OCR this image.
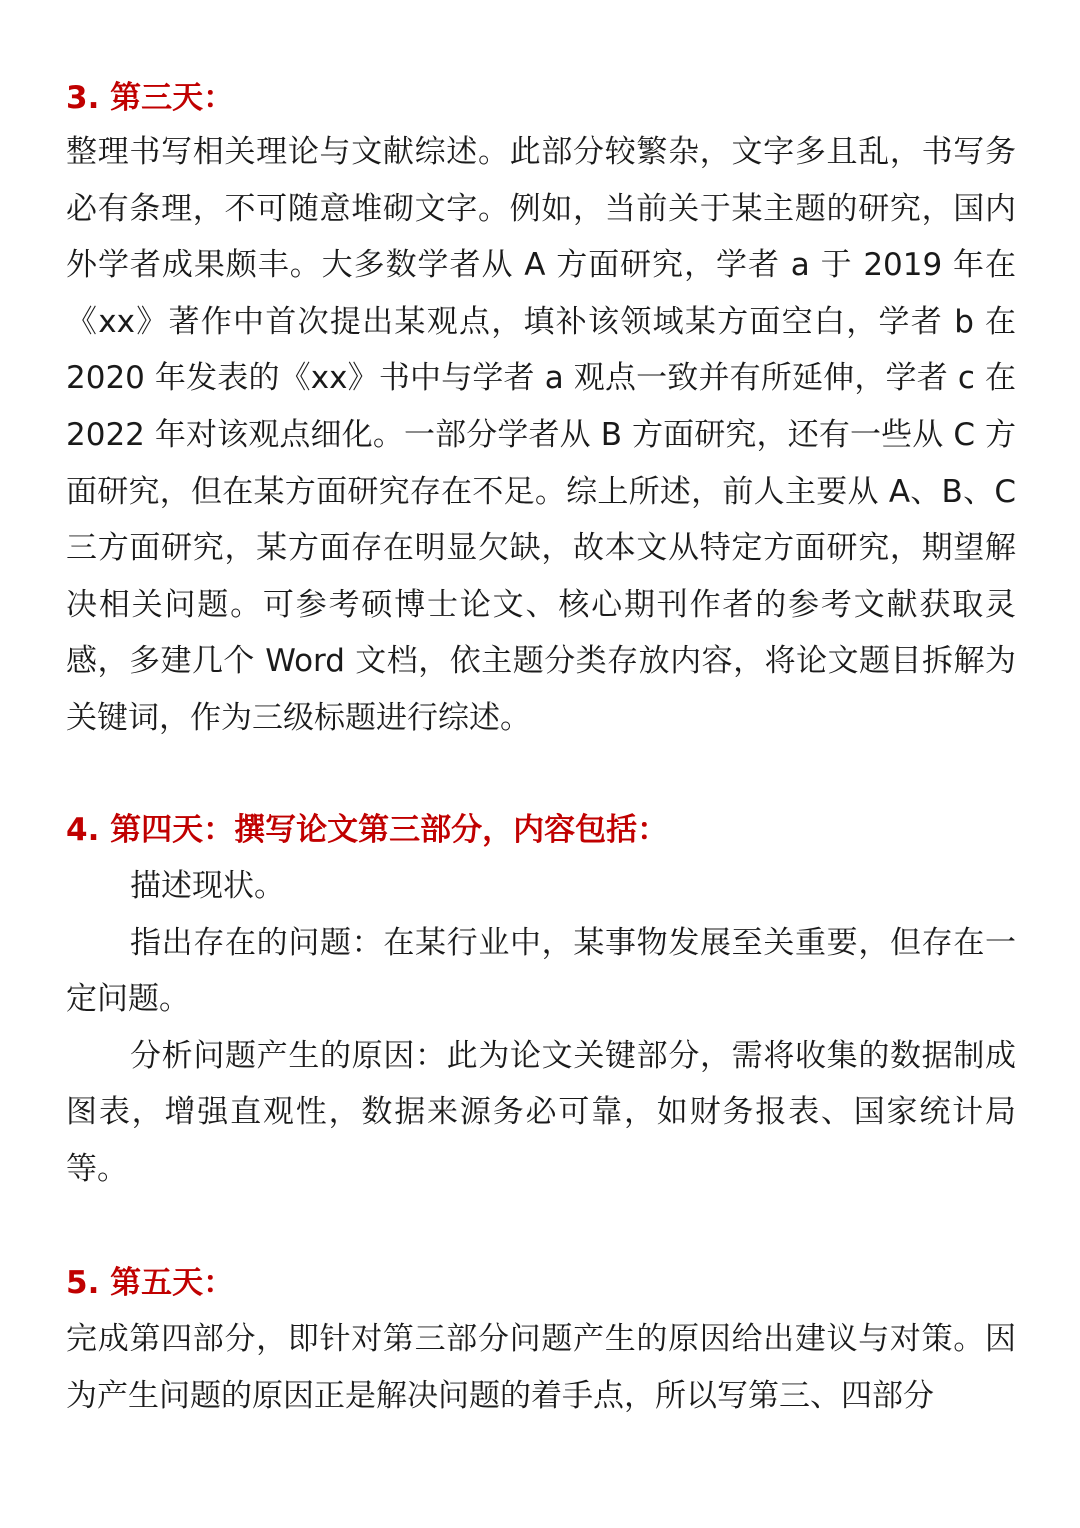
3. 第三天：

整理书写相关理论与文献综述。此部分较繁杂，文字多且乱，书写务必有条理，不可随意堆砌文字。例如，当前关于某主题的研究，国内外学者成果颇丰。大多数学者从 A 方面研究，学者 a 于 2019 年在《xx》著作中首次提出某观点，填补该领域某方面空白，学者 b 在 2020 年发表的《xx》书中与学者 a 观点一致并有所延伸，学者 c 在 2022 年对该观点细化。一部分学者从 B 方面研究，还有一些从 C 方面研究，但在某方面研究存在不足。综上所述，前人主要从 A、B、C 三方面研究，某方面存在明显欠缺，故本文从特定方面研究，期望解决相关问题。可参考硕博士论文、核心期刊作者的参考文献获取灵感，多建几个 Word 文档，依主题分类存放内容，将论文题目拆解为关键词，作为三级标题进行综述。

4. 第四天：撰写论文第三部分，内容包括：

描述现状。

指出存在的问题：在某行业中，某事物发展至关重要，但存在一定问题。

分析问题产生的原因：此为论文关键部分，需将收集的数据制成图表，增强直观性，数据来源务必可靠，如财务报表、国家统计局等。

5. 第五天：

完成第四部分，即针对第三部分问题产生的原因给出建议与对策。因为产生问题的原因正是解决问题的着手点，所以写第三、四部分
